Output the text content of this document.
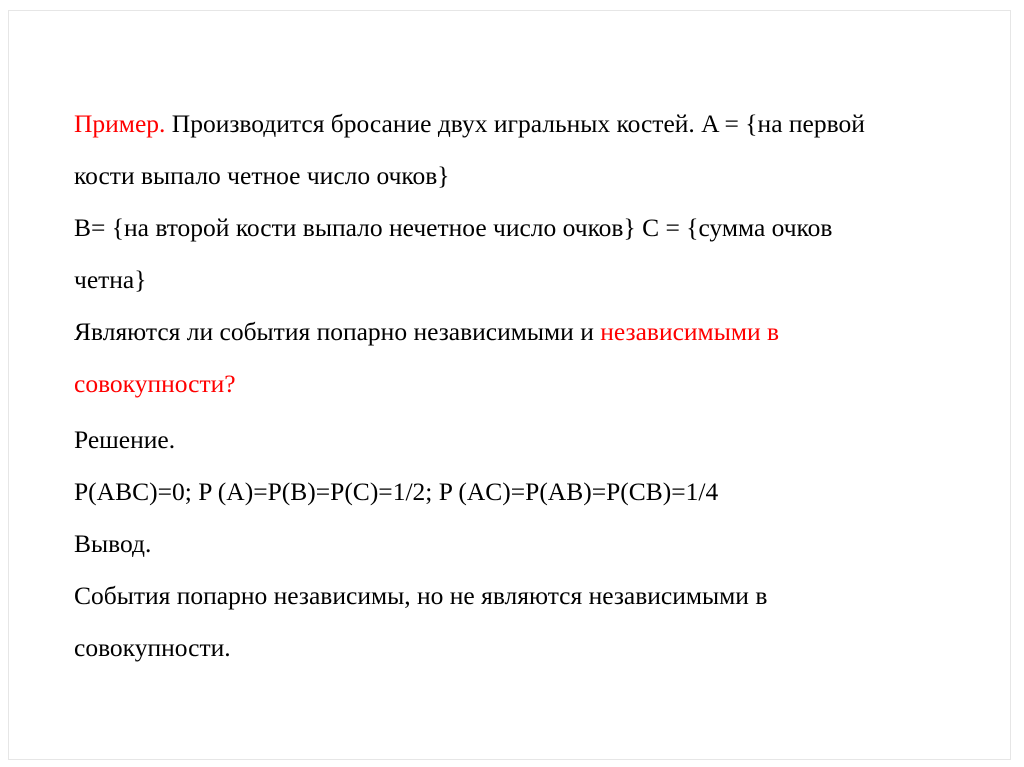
Пример. Производится бросание двух игральных костей. A = {на первой кости выпало четное число очков}
B= {на второй кости выпало нечетное число очков} C = {сумма очков четна}

Являются ли события попарно независимыми и независимыми в совокупности?

Решение.

P(ABC)=0; P (A)=P(B)=P(C)=1/2; P (AC)=P(AB)=P(CB)=1/4

Вывод.

События попарно независимы, но не являются независимыми в совокупности.
